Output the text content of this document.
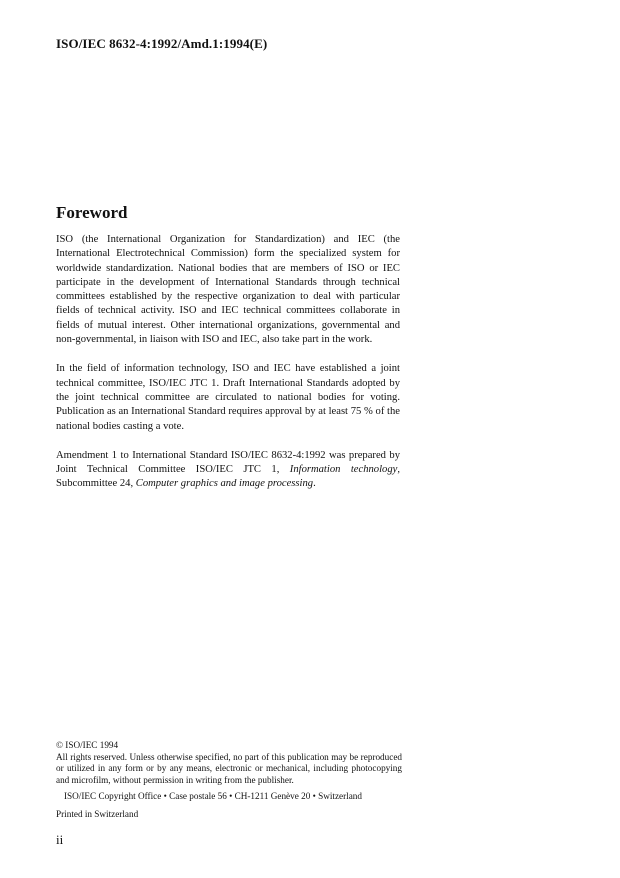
ISO/IEC 8632-4:1992/Amd.1:1994(E)
Foreword

ISO (the International Organization for Standardization) and IEC (the International Electrotechnical Commission) form the specialized system for worldwide standardization. National bodies that are members of ISO or IEC participate in the development of International Standards through technical committees established by the respective organization to deal with particular fields of technical activity. ISO and IEC technical committees collaborate in fields of mutual interest. Other international organizations, governmental and non-governmental, in liaison with ISO and IEC, also take part in the work.

In the field of information technology, ISO and IEC have established a joint technical committee, ISO/IEC JTC 1. Draft International Standards adopted by the joint technical committee are circulated to national bodies for voting. Publication as an International Standard requires approval by at least 75 % of the national bodies casting a vote.

Amendment 1 to International Standard ISO/IEC 8632-4:1992 was prepared by Joint Technical Committee ISO/IEC JTC 1, Information technology, Subcommittee 24, Computer graphics and image processing.

© ISO/IEC 1994
All rights reserved. Unless otherwise specified, no part of this publication may be reproduced or utilized in any form or by any means, electronic or mechanical, including photocopying and microfilm, without permission in writing from the publisher.
ISO/IEC Copyright Office • Case postale 56 • CH-1211 Genève 20 • Switzerland
Printed in Switzerland
ii
